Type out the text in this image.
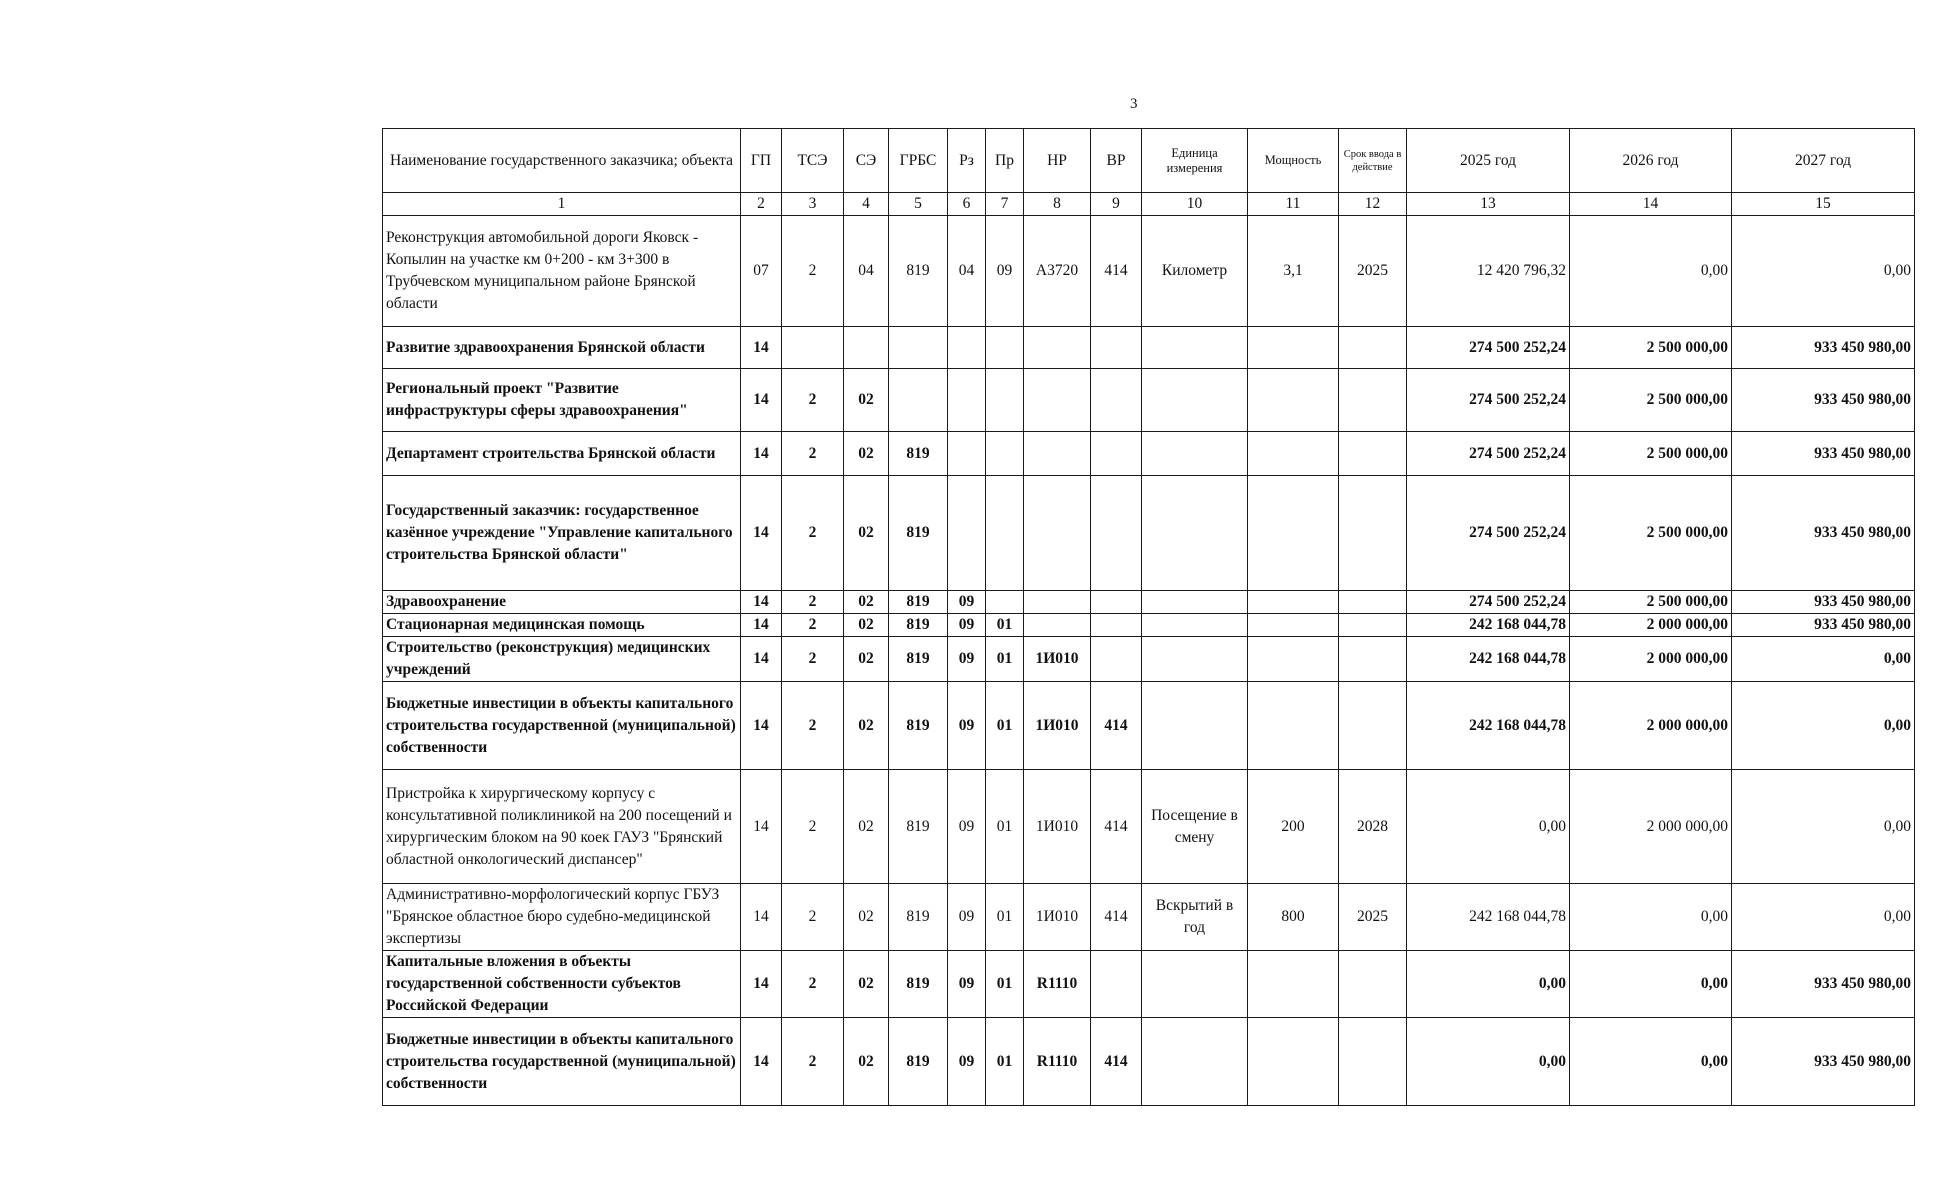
3
Наименование государственного заказчика; объекта	ГП	ТСЭ	СЭ	ГРБС	Рз	Пр	НР	ВР	Единица измерения	Мощность	Срок ввода в действие	2025 год	2026 год	2027 год
1	2	3	4	5	6	7	8	9	10	11	12	13	14	15
Реконструкция автомобильной дороги Яковск - Копылин на участке км 0+200 - км 3+300 в Трубчевском муниципальном районе Брянской области	07	2	04	819	04	09	А3720	414	Километр	3,1	2025	12 420 796,32	0,00	0,00
Развитие здравоохранения Брянской области	14											274 500 252,24	2 500 000,00	933 450 980,00
Региональный проект "Развитие инфраструктуры сферы здравоохранения"	14	2	02									274 500 252,24	2 500 000,00	933 450 980,00
Департамент строительства Брянской области	14	2	02	819								274 500 252,24	2 500 000,00	933 450 980,00
Государственный заказчик: государственное казённое учреждение "Управление капитального строительства Брянской области"	14	2	02	819								274 500 252,24	2 500 000,00	933 450 980,00
Здравоохранение	14	2	02	819	09							274 500 252,24	2 500 000,00	933 450 980,00
Стационарная медицинская помощь	14	2	02	819	09	01						242 168 044,78	2 000 000,00	933 450 980,00
Строительство (реконструкция) медицинских учреждений	14	2	02	819	09	01	1И010					242 168 044,78	2 000 000,00	0,00
Бюджетные инвестиции в объекты капитального строительства государственной (муниципальной) собственности	14	2	02	819	09	01	1И010	414				242 168 044,78	2 000 000,00	0,00
Пристройка к хирургическому корпусу с консультативной поликлиникой на 200 посещений и хирургическим блоком на 90 коек ГАУЗ "Брянский областной онкологический диспансер"	14	2	02	819	09	01	1И010	414	Посещение в смену	200	2028	0,00	2 000 000,00	0,00
Административно-морфологический корпус ГБУЗ "Брянское областное бюро судебно-медицинской экспертизы	14	2	02	819	09	01	1И010	414	Вскрытий в год	800	2025	242 168 044,78	0,00	0,00
Капитальные вложения в объекты государственной собственности субъектов Российской Федерации	14	2	02	819	09	01	R1110					0,00	0,00	933 450 980,00
Бюджетные инвестиции в объекты капитального строительства государственной (муниципальной) собственности	14	2	02	819	09	01	R1110	414				0,00	0,00	933 450 980,00
